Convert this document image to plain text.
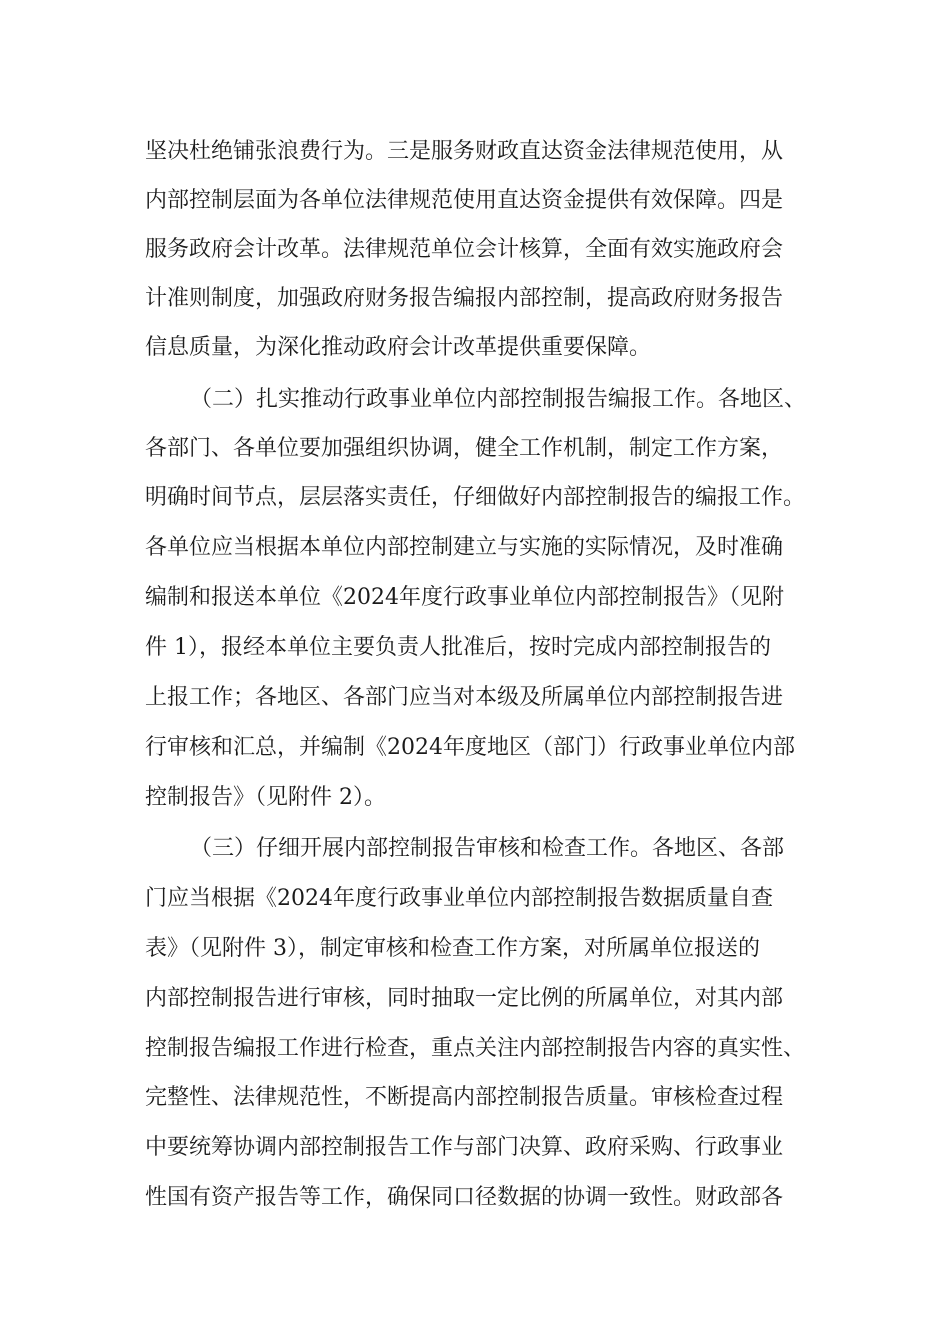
坚决杜绝铺张浪费行为。三是服务财政直达资金法律规范使用，从

内部控制层面为各单位法律规范使用直达资金提供有效保障。四是

服务政府会计改革。法律规范单位会计核算，全面有效实施政府会

计准则制度，加强政府财务报告编报内部控制，提高政府财务报告

信息质量，为深化推动政府会计改革提供重要保障。

（二）扎实推动行政事业单位内部控制报告编报工作。各地区、

各部门、各单位要加强组织协调，健全工作机制，制定工作方案，

明确时间节点，层层落实责任，仔细做好内部控制报告的编报工作。

各单位应当根据本单位内部控制建立与实施的实际情况，及时准确

编制和报送本单位《2024年度行政事业单位内部控制报告》（见附

件 1），报经本单位主要负责人批准后，按时完成内部控制报告的

上报工作；各地区、各部门应当对本级及所属单位内部控制报告进

行审核和汇总，并编制《2024年度地区（部门）行政事业单位内部

控制报告》（见附件 2）。

（三）仔细开展内部控制报告审核和检查工作。各地区、各部

门应当根据《2024年度行政事业单位内部控制报告数据质量自查

表》（见附件 3），制定审核和检查工作方案，对所属单位报送的

内部控制报告进行审核，同时抽取一定比例的所属单位，对其内部

控制报告编报工作进行检查，重点关注内部控制报告内容的真实性、

完整性、法律规范性，不断提高内部控制报告质量。审核检查过程

中要统筹协调内部控制报告工作与部门决算、政府采购、行政事业

性国有资产报告等工作，确保同口径数据的协调一致性。财政部各
